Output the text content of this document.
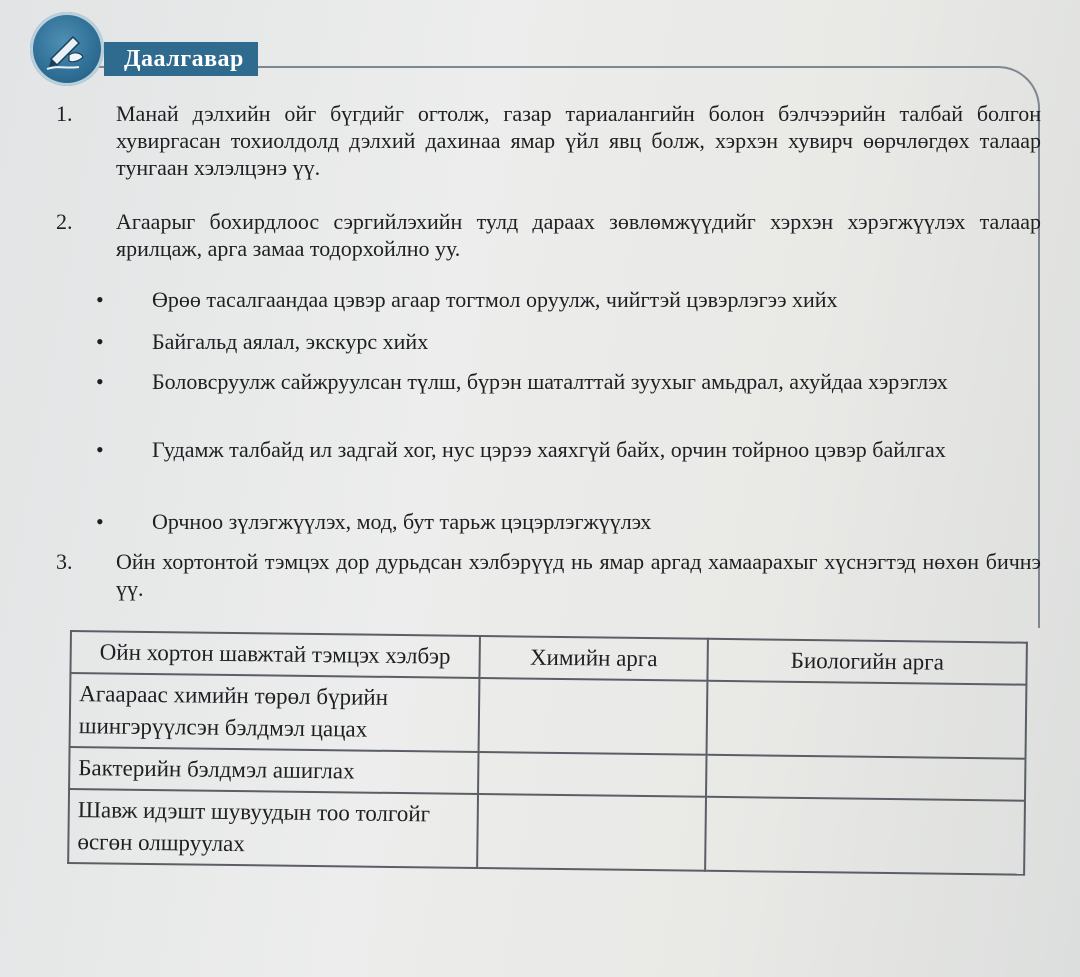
Даалгавар
1. Манай дэлхийн ойг бүгдийг огтолж, газар тариалангийн болон бэлчээрийн талбай болгон хувиргасан тохиолдолд дэлхий дахинаа ямар үйл явц болж, хэрхэн хувирч өөрчлөгдөх талаар тунгаан хэлэлцэнэ үү.
2. Агаарыг бохирдлоос сэргийлэхийн тулд дараах зөвлөмжүүдийг хэрхэн хэрэгжүүлэх талаар ярилцаж, арга замаа тодорхойлно уу.
• Өрөө тасалгаандаа цэвэр агаар тогтмол оруулж, чийгтэй цэвэрлэгээ хийх
• Байгальд аялал, экскурс хийх
• Боловсруулж сайжруулсан түлш, бүрэн шаталттай зуухыг амьдрал, ахуйдаа хэрэглэх
• Гудамж талбайд ил задгай хог, нус цэрээ хаяхгүй байх, орчин тойрноо цэвэр байлгах
• Орчноо зүлэгжүүлэх, мод, бут тарьж цэцэрлэгжүүлэх
3. Ойн хортонтой тэмцэх дор дурьдсан хэлбэрүүд нь ямар аргад хамаарахыг хүснэгтэд нөхөн бичнэ үү.
Ойн хортон шавжтай тэмцэх хэлбэр	Химийн арга	Биологийн арга
Агаараас химийн төрөл бүрийн шингэрүүлсэн бэлдмэл цацах		
Бактерийн бэлдмэл ашиглах		
Шавж идэшт шувуудын тоо толгойг өсгөн олшруулах		
